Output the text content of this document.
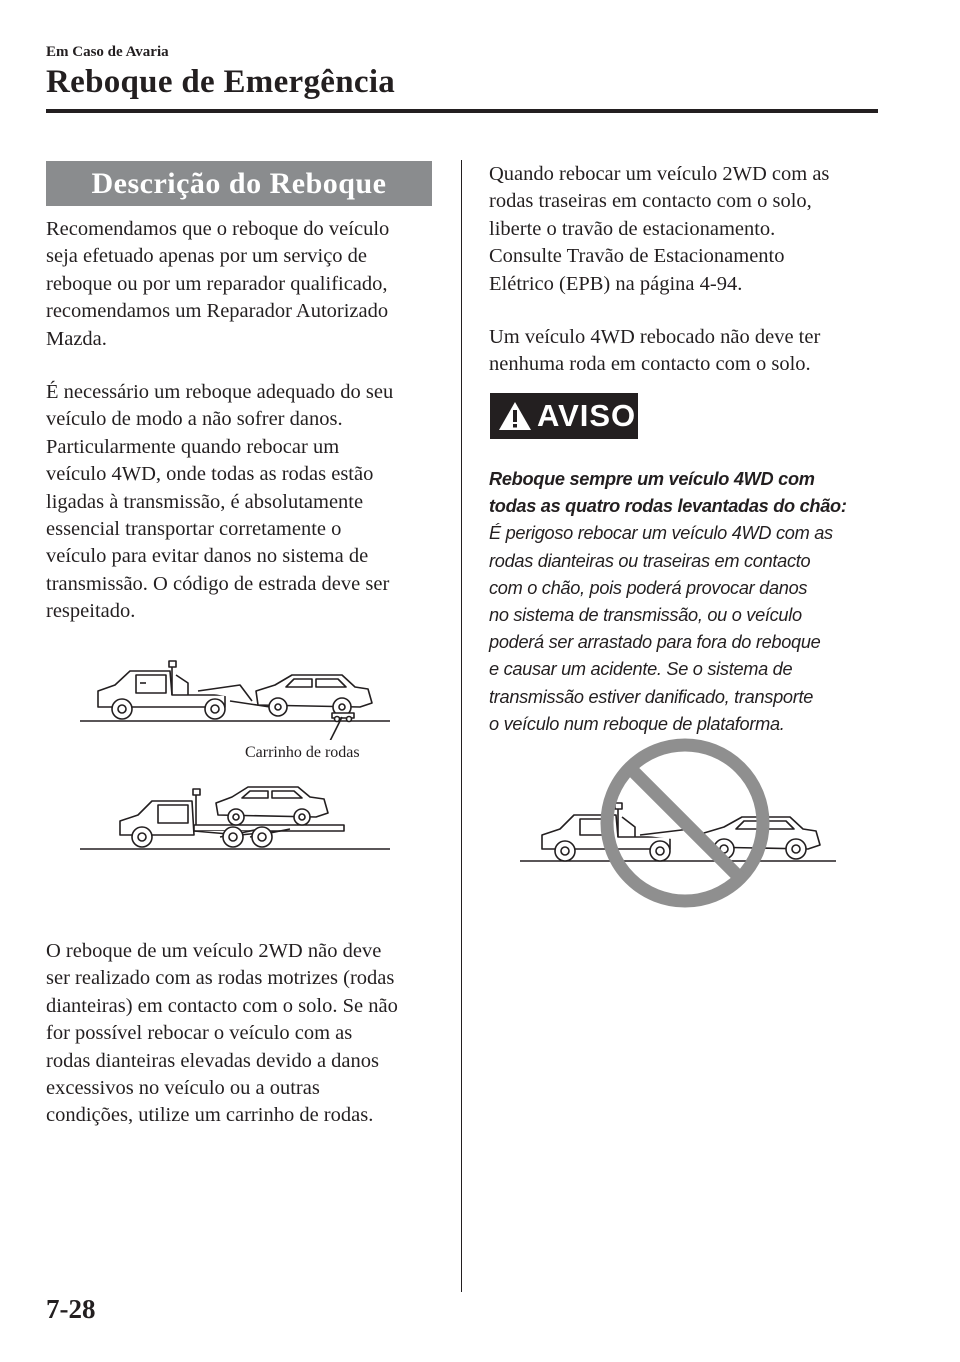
Em Caso de Avaria
Reboque de Emergência
Descrição do Reboque

Recomendamos que o reboque do veículo
seja efetuado apenas por um serviço de
reboque ou por um reparador qualificado,
recomendamos um Reparador Autorizado
Mazda.

É necessário um reboque adequado do seu
veículo de modo a não sofrer danos.
Particularmente quando rebocar um
veículo 4WD, onde todas as rodas estão
ligadas à transmissão, é absolutamente
essencial transportar corretamente o
veículo para evitar danos no sistema de
transmissão. O código de estrada deve ser
respeitado.

Carrinho de rodas

O reboque de um veículo 2WD não deve
ser realizado com as rodas motrizes (rodas
dianteiras) em contacto com o solo. Se não
for possível rebocar o veículo com as
rodas dianteiras elevadas devido a danos
excessivos no veículo ou a outras
condições, utilize um carrinho de rodas.

Quando rebocar um veículo 2WD com as
rodas traseiras em contacto com o solo,
liberte o travão de estacionamento.
Consulte Travão de Estacionamento
Elétrico (EPB) na página 4-94.

Um veículo 4WD rebocado não deve ter
nenhuma roda em contacto com o solo.

AVISO
Reboque sempre um veículo 4WD com
todas as quatro rodas levantadas do chão:
É perigoso rebocar um veículo 4WD com as
rodas dianteiras ou traseiras em contacto
com o chão, pois poderá provocar danos
no sistema de transmissão, ou o veículo
poderá ser arrastado para fora do reboque
e causar um acidente. Se o sistema de
transmissão estiver danificado, transporte
o veículo num reboque de plataforma.
7-28
